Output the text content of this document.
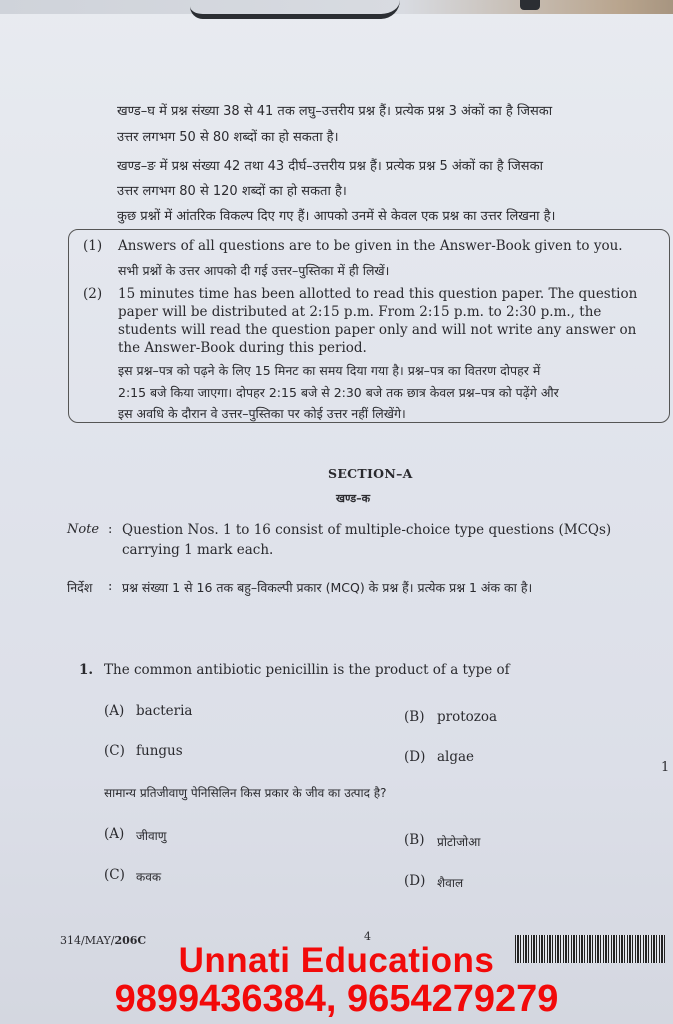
खण्ड–घ में प्रश्न संख्या 38 से 41 तक लघु–उत्तरीय प्रश्न हैं। प्रत्येक प्रश्न 3 अंकों का है जिसका
उत्तर लगभग 50 से 80 शब्दों का हो सकता है।
खण्ड–ङ में प्रश्न संख्या 42 तथा 43 दीर्घ–उत्तरीय प्रश्न हैं। प्रत्येक प्रश्न 5 अंकों का है जिसका
उत्तर लगभग 80 से 120 शब्दों का हो सकता है।
कुछ प्रश्नों में आंतरिक विकल्प दिए गए हैं। आपको उनमें से केवल एक प्रश्न का उत्तर लिखना है।
(1) Answers of all questions are to be given in the Answer-Book given to you.
सभी प्रश्नों के उत्तर आपको दी गई उत्तर–पुस्तिका में ही लिखें।
(2) 15 minutes time has been allotted to read this question paper. The question
paper will be distributed at 2:15 p.m. From 2:15 p.m. to 2:30 p.m., the
students will read the question paper only and will not write any answer on
the Answer-Book during this period.
इस प्रश्न–पत्र को पढ़ने के लिए 15 मिनट का समय दिया गया है। प्रश्न–पत्र का वितरण दोपहर में
2:15 बजे किया जाएगा। दोपहर 2:15 बजे से 2:30 बजे तक छात्र केवल प्रश्न–पत्र को पढ़ेंगे और
इस अवधि के दौरान वे उत्तर–पुस्तिका पर कोई उत्तर नहीं लिखेंगे।
SECTION–A
खण्ड–क
Note : Question Nos. 1 to 16 consist of multiple-choice type questions (MCQs)
carrying 1 mark each.
निर्देश : प्रश्न संख्या 1 से 16 तक बहु–विकल्पी प्रकार (MCQ) के प्रश्न हैं। प्रत्येक प्रश्न 1 अंक का है।
1. The common antibiotic penicillin is the product of a type of
(A) bacteria	(B) protozoa
(C) fungus	(D) algae
1
सामान्य प्रतिजीवाणु पेनिसिलिन किस प्रकार के जीव का उत्पाद है?
(A) जीवाणु	(B) प्रोटोजोआ
(C) कवक	(D) शैवाल
314/MAY/206C	4
Unnati Educations
9899436384, 9654279279
